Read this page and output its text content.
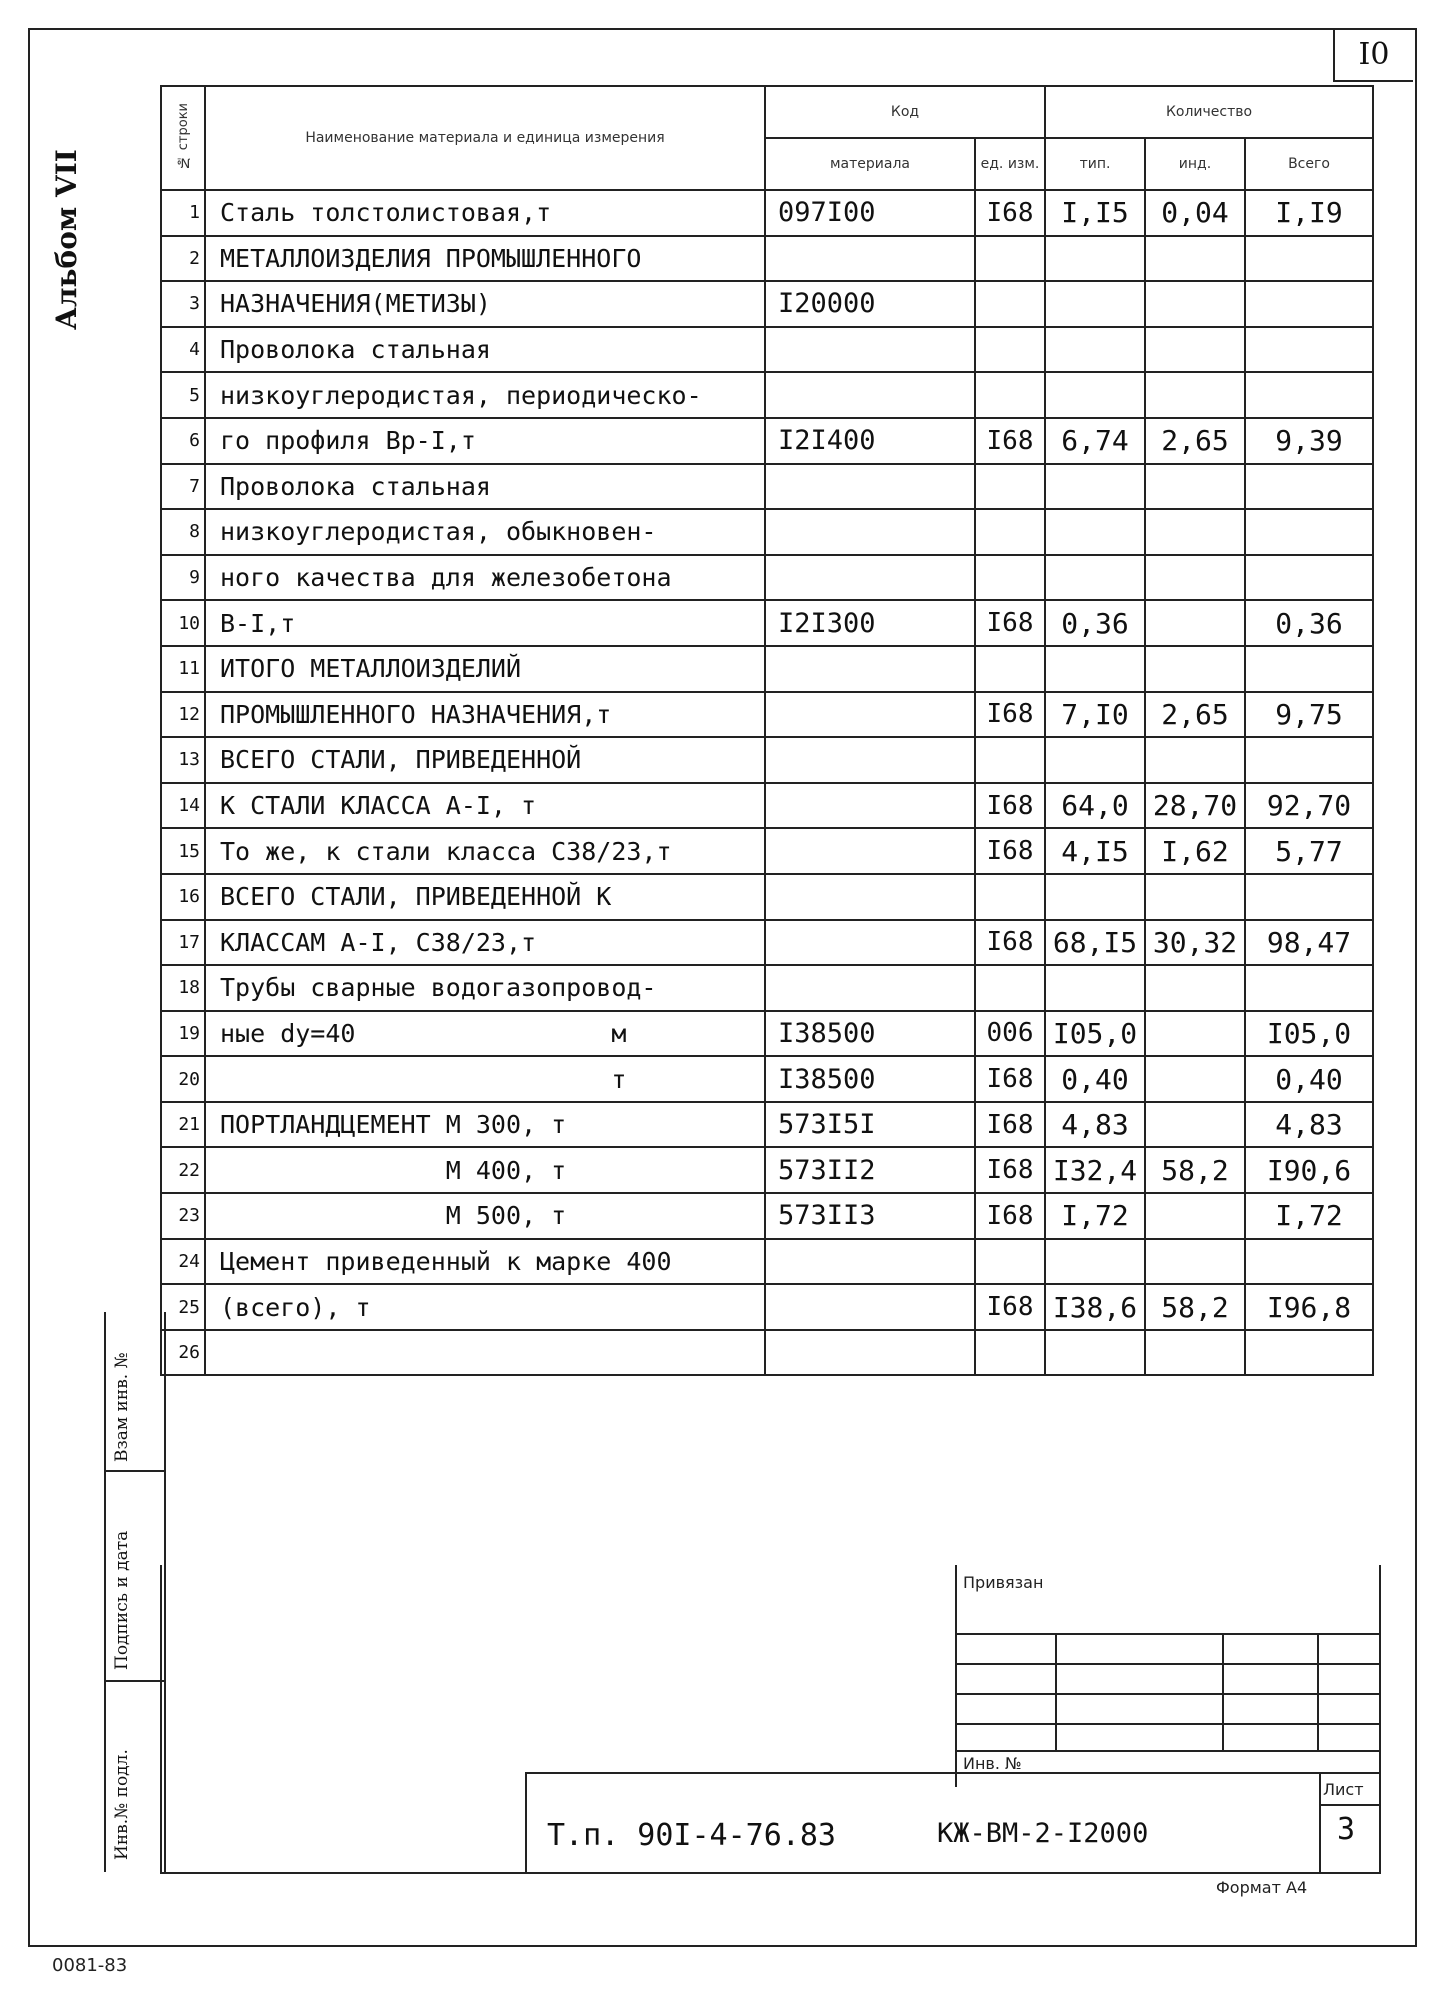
I0
Альбом VII
№ строки	Наименование материала и единица измерения	Код		Количество		
		материала	ед. изм.	тип.	инд.	Всего
1	Сталь толстолистовая,т	097I00	I68	I,I5	0,04	I,I9
2	МЕТАЛЛОИЗДЕЛИЯ ПРОМЫШЛЕННОГО					
3	НАЗНАЧЕНИЯ(МЕТИЗЫ)	I20000				
4	Проволока стальная					
5	низкоуглеродистая, периодическо-					
6	го профиля Вр-I,т	I2I400	I68	6,74	2,65	9,39
7	Проволока стальная					
8	низкоуглеродистая, обыкновен-					
9	ного качества для железобетона					
10	В-I,т	I2I300	I68	0,36		0,36
11	ИТОГО МЕТАЛЛОИЗДЕЛИЙ					
12	ПРОМЫШЛЕННОГО НАЗНАЧЕНИЯ,т		I68	7,I0	2,65	9,75
13	ВСЕГО СТАЛИ, ПРИВЕДЕННОЙ					
14	К СТАЛИ КЛАССА А-I, т		I68	64,0	28,70	92,70
15	То же, к стали класса С38/23,т		I68	4,I5	I,62	5,77
16	ВСЕГО СТАЛИ, ПРИВЕДЕННОЙ К					
17	КЛАССАМ А-I, С38/23,т		I68	68,I5	30,32	98,47
18	Трубы сварные водогазопровод-					
19	ные dy=40                 м	I38500	006	I05,0		I05,0
20	т	I38500	I68	0,40		0,40
21	ПОРТЛАНДЦЕМЕНТ М 300, т	573I5I	I68	4,83		4,83
22	М 400, т	573II2	I68	I32,4	58,2	I90,6
23	М 500, т	573II3	I68	I,72		I,72
24	Цемент приведенный к марке 400					
25	(всего), т		I68	I38,6	58,2	I96,8
26						
Взам инв. №
Подпись и дата
Инв.№ подл.
Привязан
Инв. №
Т.п. 90I-4-76.83	КЖ-ВМ-2-I2000
Лист
3
Формат А4
0081-83
